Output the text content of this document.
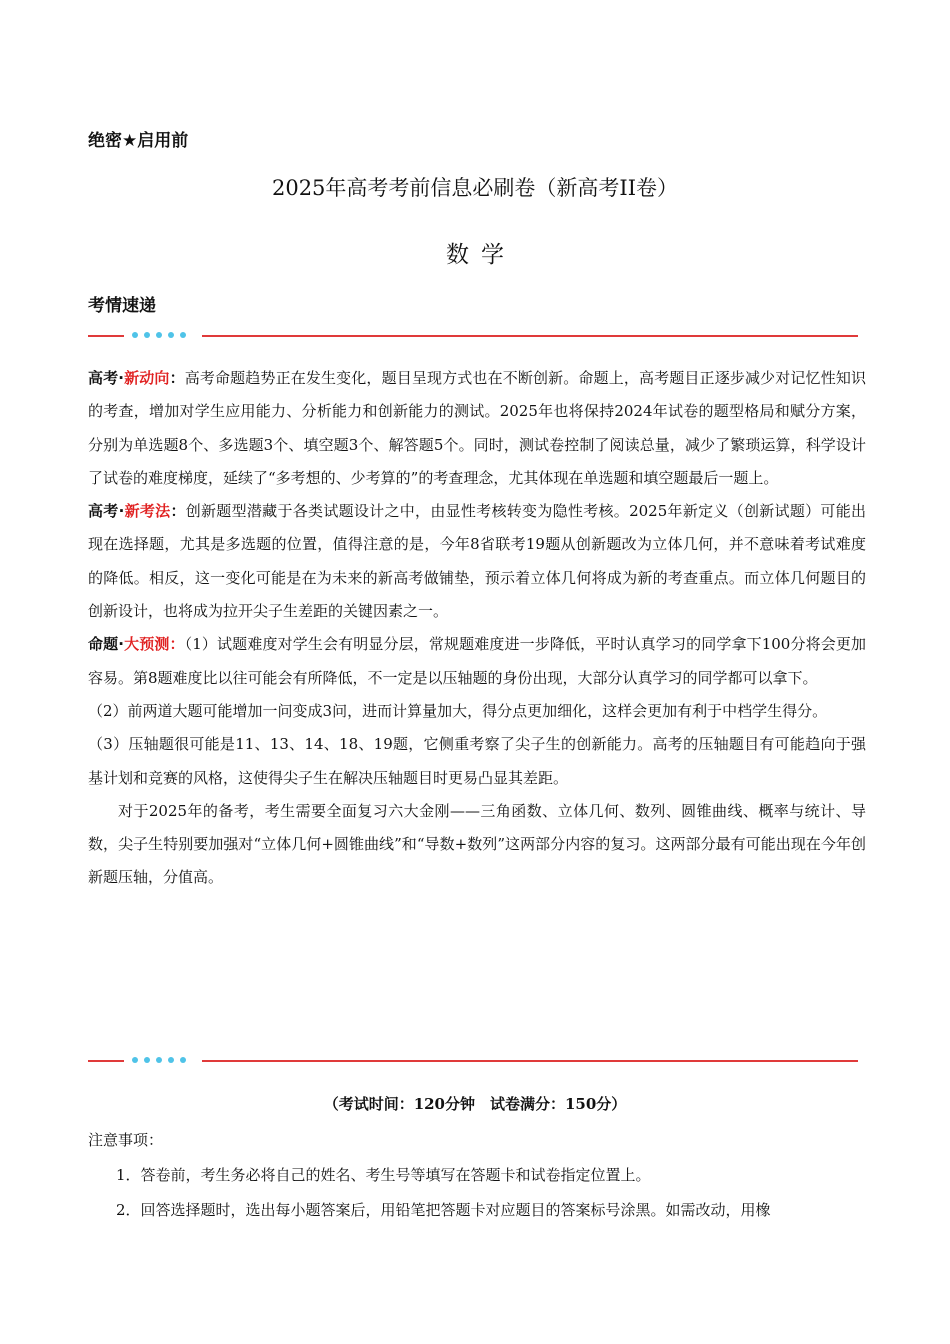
绝密★启用前
2025年高考考前信息必刷卷（新高考II卷）
数学
考情速递

高考·新动向：高考命题趋势正在发生变化，题目呈现方式也在不断创新。命题上，高考题目正逐步减少对记忆性知识的考查，增加对学生应用能力、分析能力和创新能力的测试。2025年也将保持2024年试卷的题型格局和赋分方案，分别为单选题8个、多选题3个、填空题3个、解答题5个。同时，测试卷控制了阅读总量，减少了繁琐运算，科学设计了试卷的难度梯度，延续了“多考想的、少考算的”的考查理念，尤其体现在单选题和填空题最后一题上。

高考·新考法：创新题型潜藏于各类试题设计之中，由显性考核转变为隐性考核。2025年新定义（创新试题）可能出现在选择题，尤其是多选题的位置，值得注意的是，今年8省联考19题从创新题改为立体几何，并不意味着考试难度的降低。相反，这一变化可能是在为未来的新高考做铺垫，预示着立体几何将成为新的考查重点。而立体几何题目的创新设计，也将成为拉开尖子生差距的关键因素之一。

命题·大预测：（1）试题难度对学生会有明显分层，常规题难度进一步降低，平时认真学习的同学拿下100分将会更加容易。第8题难度比以往可能会有所降低，不一定是以压轴题的身份出现，大部分认真学习的同学都可以拿下。

（2）前两道大题可能增加一问变成3问，进而计算量加大，得分点更加细化，这样会更加有利于中档学生得分。

（3）压轴题很可能是11、13、14、18、19题，它侧重考察了尖子生的创新能力。高考的压轴题目有可能趋向于强基计划和竞赛的风格，这使得尖子生在解决压轴题目时更易凸显其差距。

对于2025年的备考，考生需要全面复习六大金刚——三角函数、立体几何、数列、圆锥曲线、概率与统计、导数，尖子生特别要加强对“立体几何+圆锥曲线”和“导数+数列”这两部分内容的复习。这两部分最有可能出现在今年创新题压轴，分值高。

（考试时间：120分钟　试卷满分：150分）

注意事项：

1．答卷前，考生务必将自己的姓名、考生号等填写在答题卡和试卷指定位置上。

2．回答选择题时，选出每小题答案后，用铅笔把答题卡对应题目的答案标号涂黑。如需改动，用橡
